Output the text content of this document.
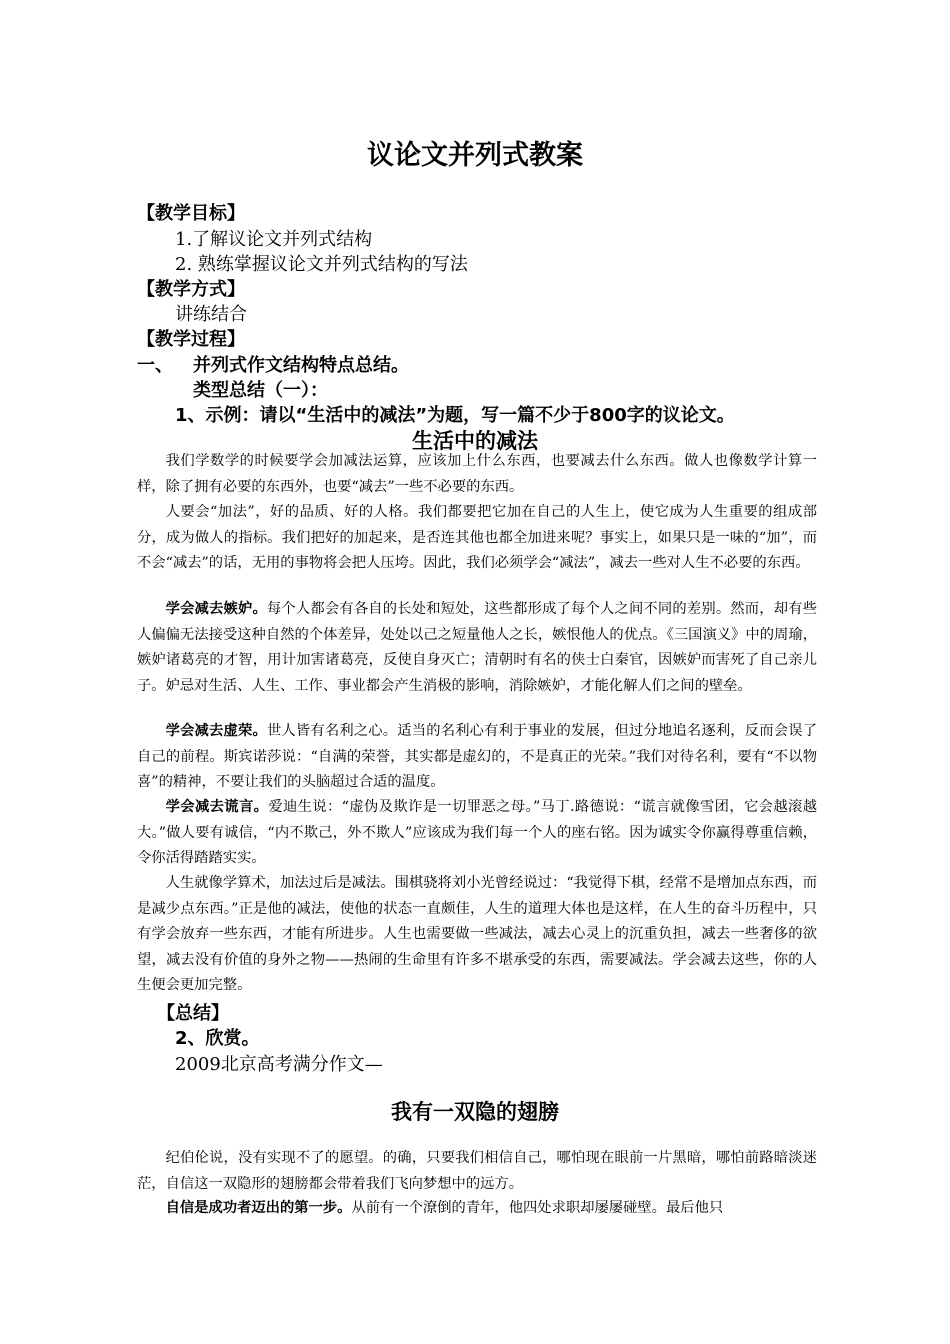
议论文并列式教案
【教学目标】
1.了解议论文并列式结构
2. 熟练掌握议论文并列式结构的写法
【教学方式】
讲练结合
【教学过程】
一、 并列式作文结构特点总结。
类型总结（一）：
1、示例：请以“生活中的减法”为题，写一篇不少于800字的议论文。
生活中的减法

我们学数学的时候要学会加减法运算，应该加上什么东西，也要减去什么东西。做人也像数学计算一样，除了拥有必要的东西外，也要“减去”一些不必要的东西。

人要会“加法”，好的品质、好的人格。我们都要把它加在自己的人生上，使它成为人生重要的组成部分，成为做人的指标。我们把好的加起来，是否连其他也都全加进来呢？事实上，如果只是一味的“加”，而不会“减去”的话，无用的事物将会把人压垮。因此，我们必须学会“减法”，减去一些对人生不必要的东西。

学会减去嫉妒。每个人都会有各自的长处和短处，这些都形成了每个人之间不同的差别。然而，却有些人偏偏无法接受这种自然的个体差异，处处以己之短量他人之长，嫉恨他人的优点。《三国演义》中的周瑜，嫉妒诸葛亮的才智，用计加害诸葛亮，反使自身灭亡；清朝时有名的侠士白秦官，因嫉妒而害死了自己亲儿子。妒忌对生活、人生、工作、事业都会产生消极的影响，消除嫉妒，才能化解人们之间的壁垒。

学会减去虚荣。世人皆有名利之心。适当的名利心有利于事业的发展，但过分地追名逐利，反而会误了自己的前程。斯宾诺莎说：“自满的荣誉，其实都是虚幻的，不是真正的光荣。”我们对待名利，要有“不以物喜”的精神，不要让我们的头脑超过合适的温度。

学会减去谎言。爱迪生说：“虚伪及欺诈是一切罪恶之母。”马丁.路德说：“谎言就像雪团，它会越滚越大。”做人要有诚信，“内不欺己，外不欺人”应该成为我们每一个人的座右铭。因为诚实令你赢得尊重信赖，令你活得踏踏实实。

人生就像学算术，加法过后是减法。围棋骁将刘小光曾经说过：“我觉得下棋，经常不是增加点东西，而是减少点东西。”正是他的减法，使他的状态一直颇佳，人生的道理大体也是这样，在人生的奋斗历程中，只有学会放弃一些东西，才能有所进步。人生也需要做一些减法，减去心灵上的沉重负担，减去一些奢侈的欲望，减去没有价值的身外之物——热闹的生命里有许多不堪承受的东西，需要减法。学会减去这些，你的人生便会更加完整。

【总结】
2、欣赏。
2009北京高考满分作文—
我有一双隐的翅膀

纪伯伦说，没有实现不了的愿望。的确，只要我们相信自己，哪怕现在眼前一片黑暗，哪怕前路暗淡迷茫，自信这一双隐形的翅膀都会带着我们飞向梦想中的远方。

自信是成功者迈出的第一步。从前有一个潦倒的青年，他四处求职却屡屡碰壁。最后他只
